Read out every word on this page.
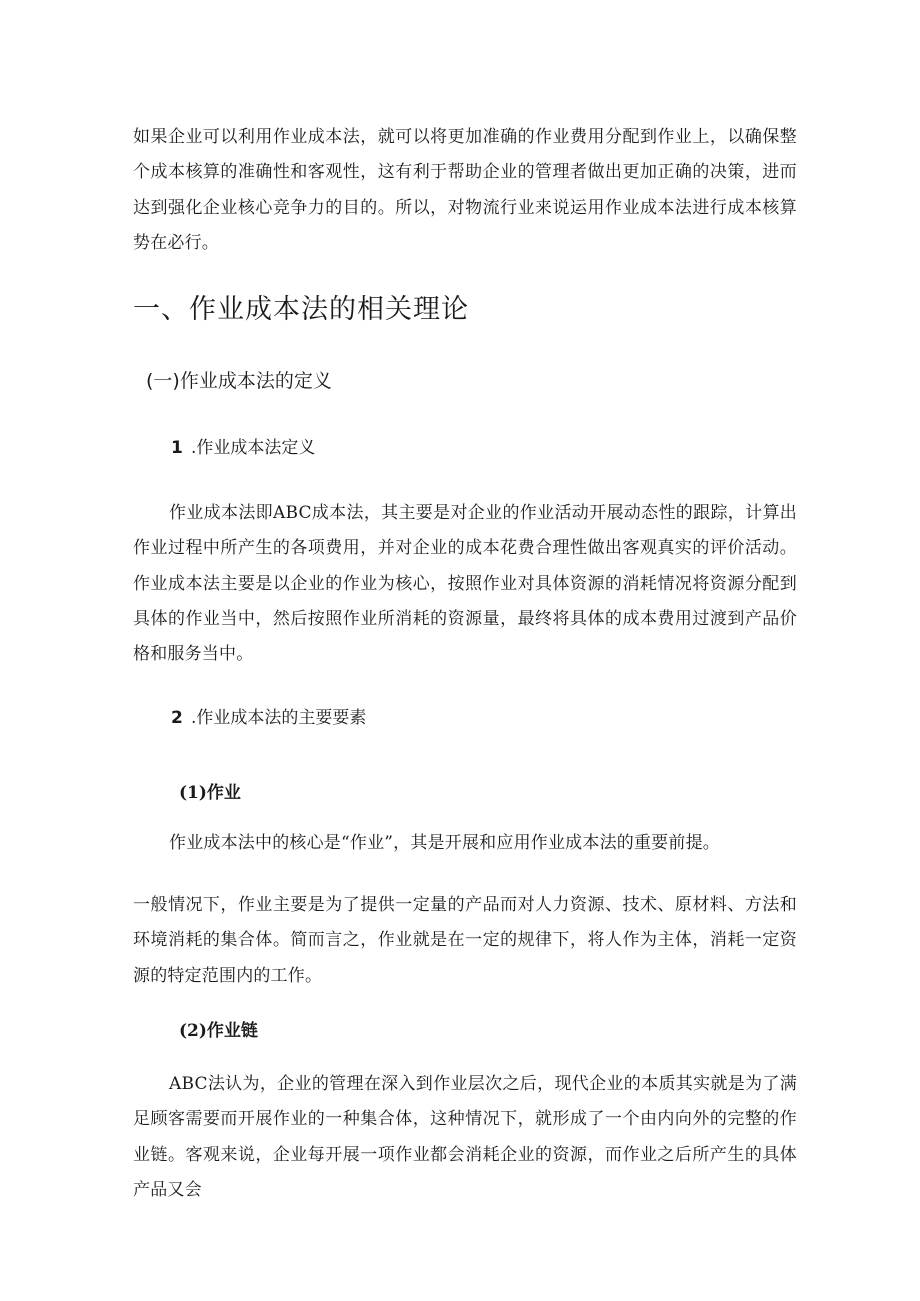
如果企业可以利用作业成本法，就可以将更加准确的作业费用分配到作业上，以确保整个成本核算的准确性和客观性，这有利于帮助企业的管理者做出更加正确的决策，进而达到强化企业核心竞争力的目的。所以，对物流行业来说运用作业成本法进行成本核算势在必行。

一、作业成本法的相关理论
(一)作业成本法的定义
1 .作业成本法定义

作业成本法即ABC成本法，其主要是对企业的作业活动开展动态性的跟踪，计算出作业过程中所产生的各项费用，并对企业的成本花费合理性做出客观真实的评价活动。作业成本法主要是以企业的作业为核心，按照作业对具体资源的消耗情况将资源分配到具体的作业当中，然后按照作业所消耗的资源量，最终将具体的成本费用过渡到产品价格和服务当中。

2 .作业成本法的主要要素
(1)作业

作业成本法中的核心是“作业”，其是开展和应用作业成本法的重要前提。

一般情况下，作业主要是为了提供一定量的产品而对人力资源、技术、原材料、方法和环境消耗的集合体。简而言之，作业就是在一定的规律下，将人作为主体，消耗一定资源的特定范围内的工作。

(2)作业链

ABC法认为，企业的管理在深入到作业层次之后，现代企业的本质其实就是为了满足顾客需要而开展作业的一种集合体，这种情况下，就形成了一个由内向外的完整的作业链。客观来说，企业每开展一项作业都会消耗企业的资源，而作业之后所产生的具体产品又会
